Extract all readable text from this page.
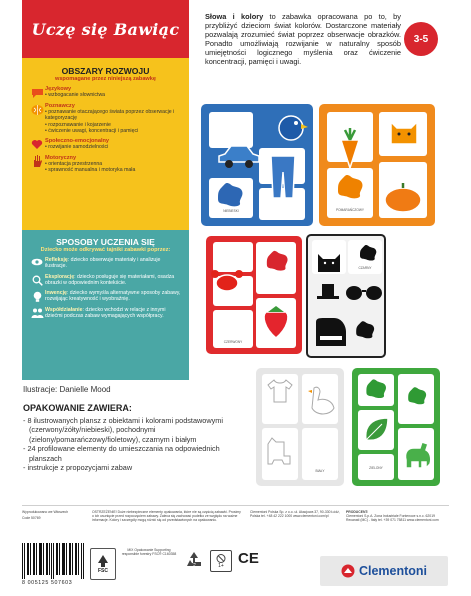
Uczę się Bawiąc
OBSZARY ROZWOJU
wspomagane przez niniejszą zabawkę
Językowy
• wzbogacanie słownictwa
Poznawczy
• poznawanie otaczającego świata poprzez obserwacje i kategoryzację
• rozpoznawanie i kojarzenie
• ćwiczenie uwagi, koncentracji i pamięci
Społeczno-emocjonalny
• rozwijanie samodzielności
Motoryczny
• orientacja przestrzenna
• sprawność manualna i motoryka mała
SPOSOBY UCZENIA SIĘ
Dziecko może odkrywać tajniki zabawki poprzez:
Refleksję: dziecko obserwuje materiały i analizuje ilustracje.
Eksplorację: dziecko posługuje się materiałami, osadza obrazki w odpowiednim kontekście.
Inwencję: dziecko wymyśla alternatywne sposoby zabawy, rozwijając kreatywność i wyobraźnię.
Współdziałanie: dziecko wchodzi w relacje z innymi dziećmi podczas zabaw wymagających współpracy.
Ilustracje: Danielle Mood
OPAKOWANIE ZAWIERA:
- 8 ilustrowanych plansz z obiektami i kolorami podstawowymi (czerwony/żółty/niebieski), pochodnymi (zielony/pomarańczowy/fioletowy), czarnym i białym
- 24 profilowane elementy do umieszczania na odpowiednich planszach
- instrukcje z propozycjami zabaw
Słowa i kolory to zabawka opracowana po to, by przybliżyć dzieciom świat kolorów. Dostarczone materiały pozwalają zrozumieć świat poprzez obserwacje obrazków. Ponadto umożliwiają rozwijanie w naturalny sposób umiejętności logicznego myślenia oraz ćwiczenie koncentracji, pamięci i uwagi.
3-5
NIEBIESKI	POMARAŃCZOWY
CZERWONY
CZARNY
BIAŁY
ZIELONY
Wyprodukowano we Włoszech
Code 50769
OSTRZEŻENIE! Duże niebezpieczne elementy opakowania, które nie są częścią zabawki. Prosimy o ich usunięcie przed rozpoczęciem zabawy. Zaleca się zachować pudełko ze względu na ważne informacje. Kolory i szczegóły mogą różnić się od przedstawionych na opakowaniu.
Clementoni Polska Sp. z o.o. ul. Akacjowa 37, 90-330 Łódź, Polska tel. +48 42 222 1000 www.clementoni.com/pl
PRODUCENT:
Clementoni S.p.A. Zona Industriale Fontenoce s.n.c. 62019 Recanati (MC) - Italy tel. +39 071 75811 www.clementoni.com
8 005125 507603
FSC
MIX Opakowanie Supporting responsible forestry FSC® C160358
1+ CE
Clementoni
